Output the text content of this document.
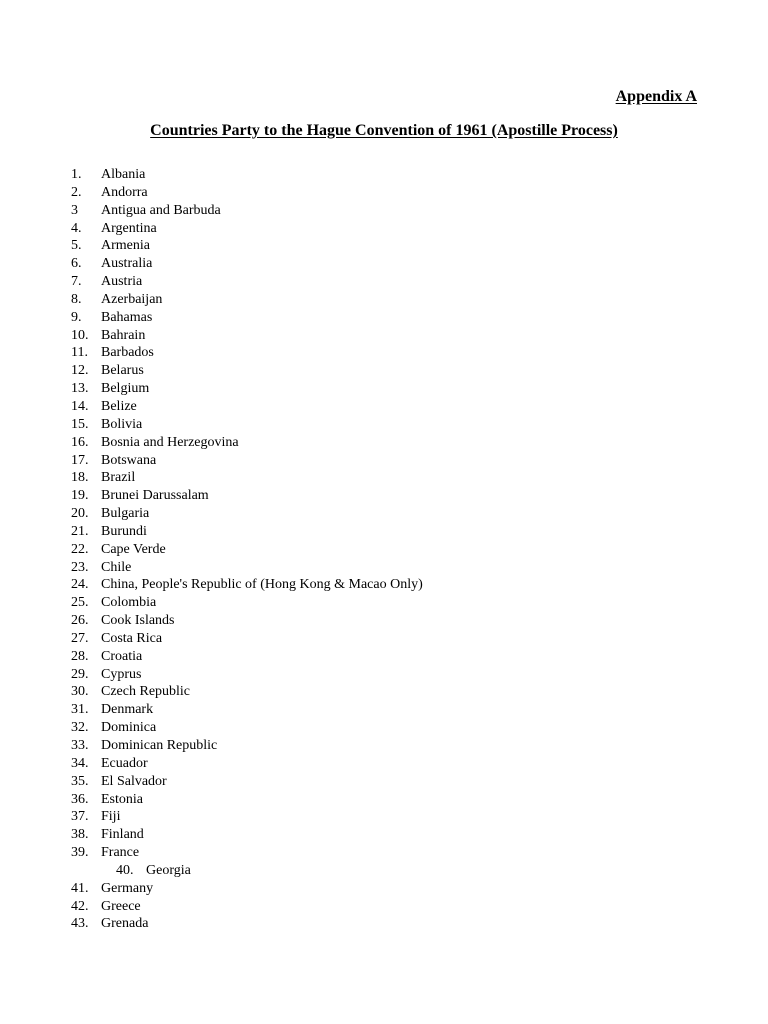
Appendix A
Countries Party to the Hague Convention of 1961 (Apostille Process)
1. Albania
2. Andorra
3 Antigua and Barbuda
4. Argentina
5. Armenia
6. Australia
7. Austria
8. Azerbaijan
9. Bahamas
10. Bahrain
11. Barbados
12. Belarus
13. Belgium
14. Belize
15. Bolivia
16. Bosnia and Herzegovina
17. Botswana
18. Brazil
19. Brunei Darussalam
20. Bulgaria
21. Burundi
22. Cape Verde
23. Chile
24. China, People's Republic of (Hong Kong & Macao Only)
25. Colombia
26. Cook Islands
27. Costa Rica
28. Croatia
29. Cyprus
30. Czech Republic
31. Denmark
32. Dominica
33. Dominican Republic
34. Ecuador
35. El Salvador
36. Estonia
37. Fiji
38. Finland
39. France
40. Georgia
41. Germany
42. Greece
43. Grenada
